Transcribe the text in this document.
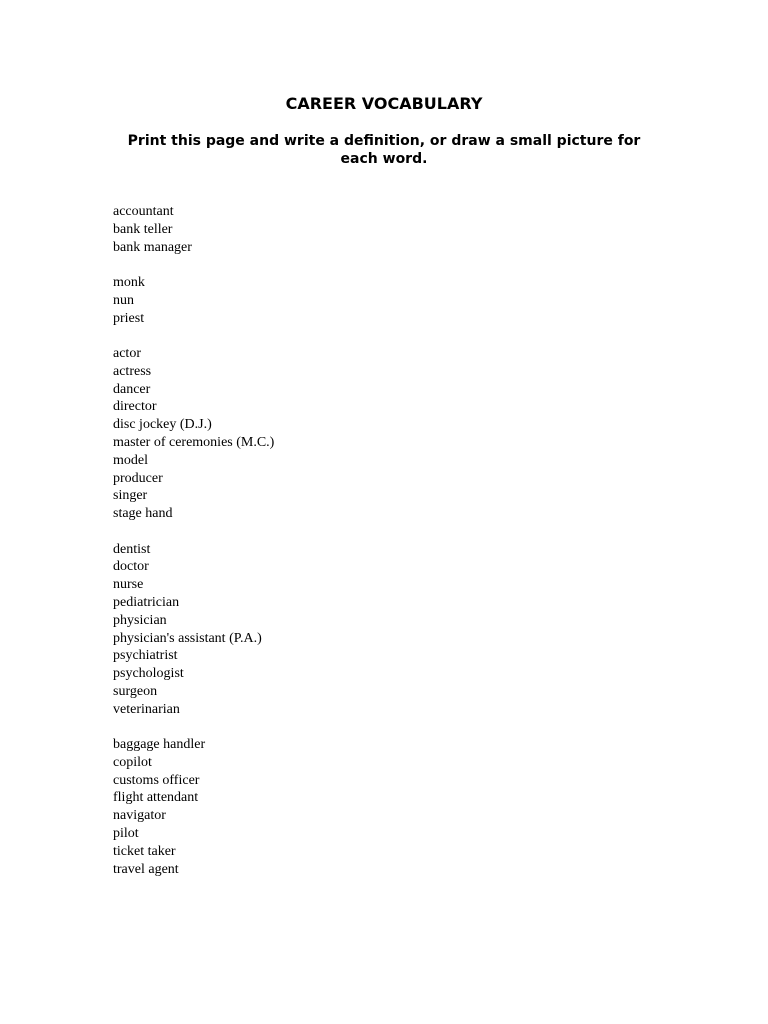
CAREER VOCABULARY

Print this page and write a definition, or draw a small picture for each word.

accountant
bank teller
bank manager
monk
nun
priest
actor
actress
dancer
director
disc jockey (D.J.)
master of ceremonies (M.C.)
model
producer
singer
stage hand
dentist
doctor
nurse
pediatrician
physician
physician's assistant (P.A.)
psychiatrist
psychologist
surgeon
veterinarian
baggage handler
copilot
customs officer
flight attendant
navigator
pilot
ticket taker
travel agent
